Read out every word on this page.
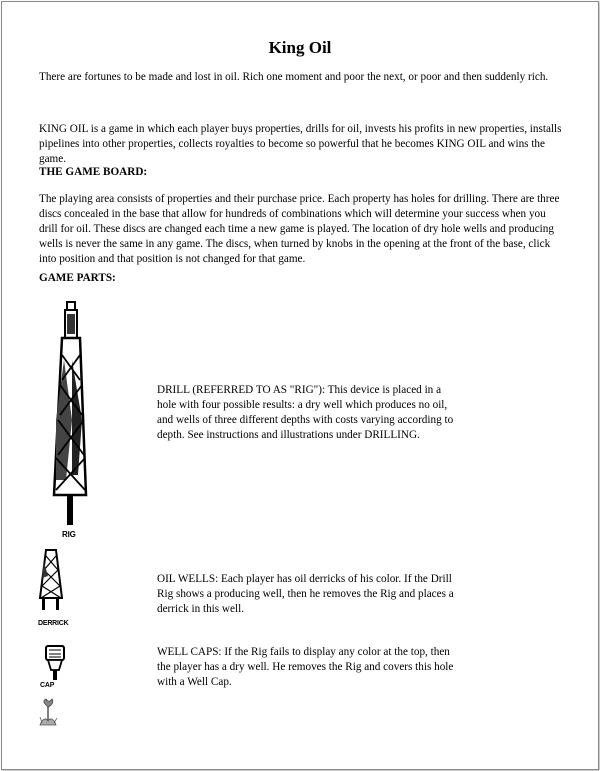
King Oil
There are fortunes to be made and lost in oil. Rich one moment and poor the next, or poor and then suddenly rich.
KING OIL is a game in which each player buys properties, drills for oil, invests his profits in new properties, installs pipelines into other properties, collects royalties to become so powerful that he becomes KING OIL and wins the game.
THE GAME BOARD:
The playing area consists of properties and their purchase price. Each property has holes for drilling. There are three discs concealed in the base that allow for hundreds of combinations which will determine your success when you drill for oil. These discs are changed each time a new game is played. The location of dry hole wells and producing wells is never the same in any game. The discs, when turned by knobs in the opening at the front of the base, click into position and that position is not changed for that game.
GAME PARTS:
RIG
DRILL (REFERRED TO AS "RIG"): This device is placed in a hole with four possible results: a dry well which produces no oil, and wells of three different depths with costs varying according to depth. See instructions and illustrations under DRILLING.
DERRICK
OIL WELLS: Each player has oil derricks of his color. If the Drill Rig shows a producing well, then he removes the Rig and places a derrick in this well.
CAP
WELL CAPS: If the Rig fails to display any color at the top, then the player has a dry well. He removes the Rig and covers this hole with a Well Cap.
